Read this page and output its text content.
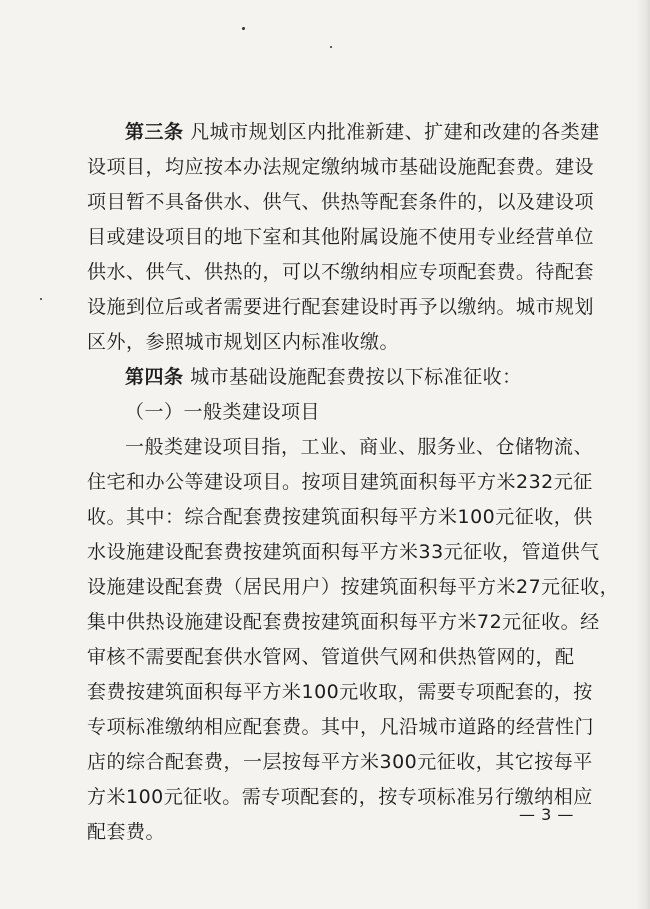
第三条 凡城市规划区内批准新建、扩建和改建的各类建
设项目，均应按本办法规定缴纳城市基础设施配套费。建设
项目暂不具备供水、供气、供热等配套条件的，以及建设项
目或建设项目的地下室和其他附属设施不使用专业经营单位
供水、供气、供热的，可以不缴纳相应专项配套费。待配套
设施到位后或者需要进行配套建设时再予以缴纳。城市规划
区外，参照城市规划区内标准收缴。
第四条 城市基础设施配套费按以下标准征收：
（一）一般类建设项目
一般类建设项目指，工业、商业、服务业、仓储物流、
住宅和办公等建设项目。按项目建筑面积每平方米232元征
收。其中：综合配套费按建筑面积每平方米100元征收，供
水设施建设配套费按建筑面积每平方米33元征收，管道供气
设施建设配套费（居民用户）按建筑面积每平方米27元征收，
集中供热设施建设配套费按建筑面积每平方米72元征收。经
审核不需要配套供水管网、管道供气网和供热管网的，配
套费按建筑面积每平方米100元收取，需要专项配套的，按
专项标准缴纳相应配套费。其中，凡沿城市道路的经营性门
店的综合配套费，一层按每平方米300元征收，其它按每平
方米100元征收。需专项配套的，按专项标准另行缴纳相应
配套费。
— 3 —
